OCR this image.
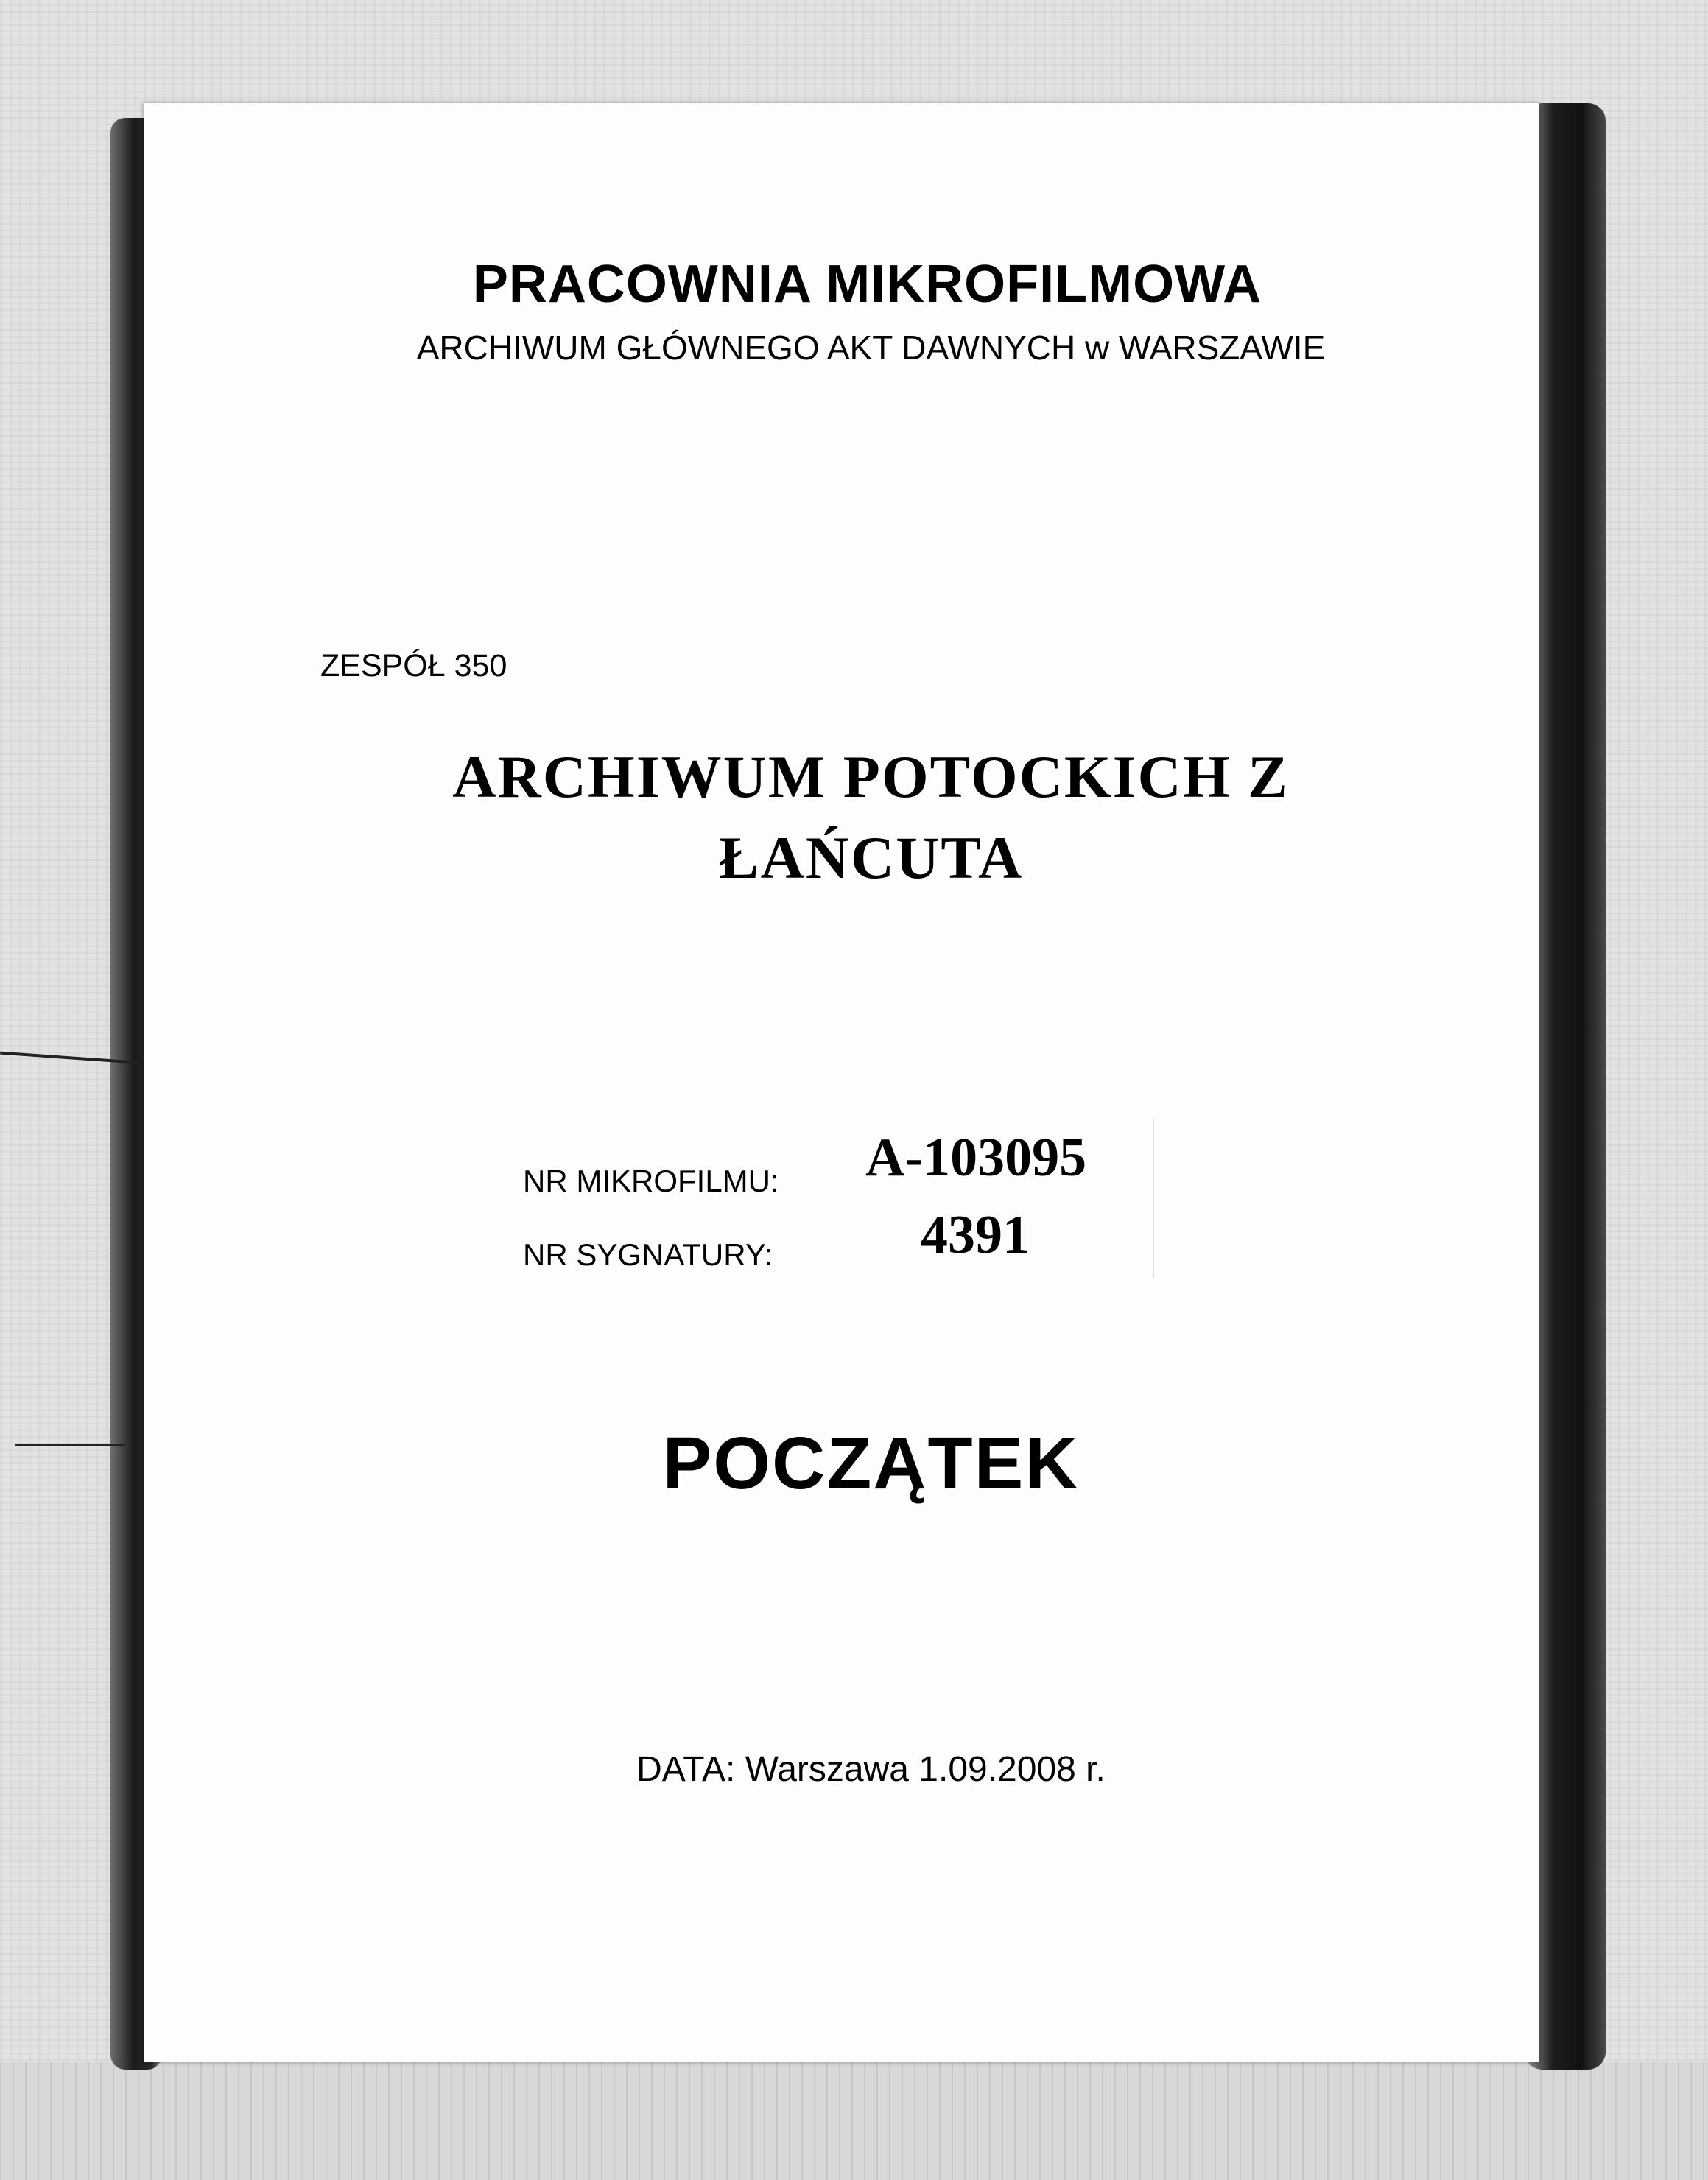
PRACOWNIA MIKROFILMOWA
ARCHIWUM GŁÓWNEGO AKT DAWNYCH w WARSZAWIE
ZESPÓŁ 350
ARCHIWUM POTOCKICH Z
ŁAŃCUTA
NR MIKROFILMU: A-103095
NR SYGNATURY:	4391
POCZĄTEK
DATA: Warszawa 1.09.2008 r.
